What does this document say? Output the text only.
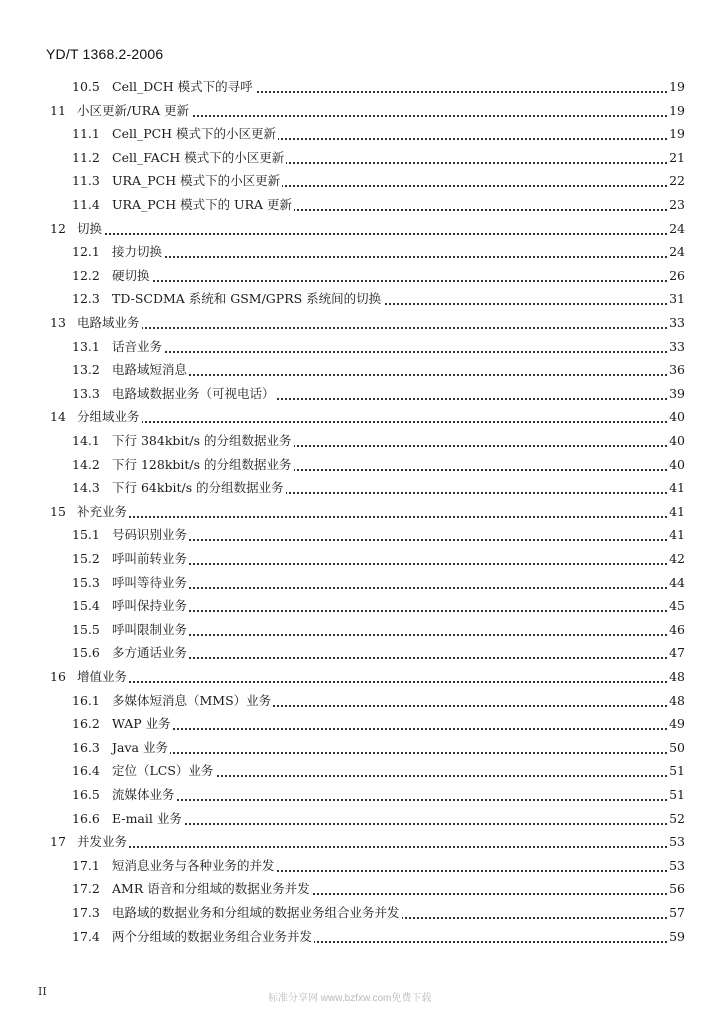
YD/T 1368.2-2006
10.5 Cell_DCH 模式下的寻呼	19
11 小区更新/URA 更新	19
11.1 Cell_PCH 模式下的小区更新	19
11.2 Cell_FACH 模式下的小区更新	21
11.3 URA_PCH 模式下的小区更新	22
11.4 URA_PCH 模式下的 URA 更新	23
12 切换	24
12.1 接力切换	24
12.2 硬切换	26
12.3 TD-SCDMA 系统和 GSM/GPRS 系统间的切换	31
13 电路域业务	33
13.1 话音业务	33
13.2 电路域短消息	36
13.3 电路域数据业务（可视电话）	39
14 分组域业务	40
14.1 下行 384kbit/s 的分组数据业务	40
14.2 下行 128kbit/s 的分组数据业务	40
14.3 下行 64kbit/s 的分组数据业务	41
15 补充业务	41
15.1 号码识别业务	41
15.2 呼叫前转业务	42
15.3 呼叫等待业务	44
15.4 呼叫保持业务	45
15.5 呼叫限制业务	46
15.6 多方通话业务	47
16 增值业务	48
16.1 多媒体短消息（MMS）业务	48
16.2 WAP 业务	49
16.3 Java 业务	50
16.4 定位（LCS）业务	51
16.5 流媒体业务	51
16.6 E-mail 业务	52
17 并发业务	53
17.1 短消息业务与各种业务的并发	53
17.2 AMR 语音和分组域的数据业务并发	56
17.3 电路域的数据业务和分组域的数据业务组合业务并发	57
17.4 两个分组域的数据业务组合业务并发	59
II
标准分享网 www.bzfxw.com免费下载
